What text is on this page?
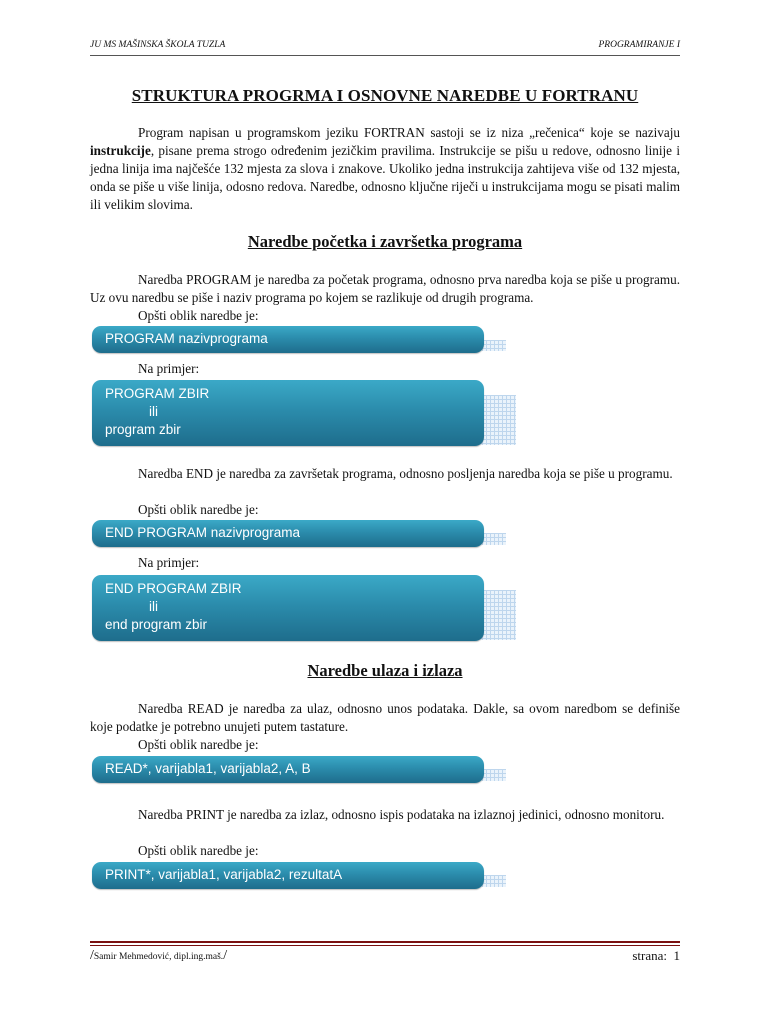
JU MS MAŠINSKA ŠKOLA TUZLA	PROGRAMIRANJE I
STRUKTURA PROGRMA I OSNOVNE NAREDBE U FORTRANU
Program napisan u programskom jeziku FORTRAN sastoji se iz niza „rečenica“ koje se nazivaju instrukcije, pisane prema strogo određenim jezičkim pravilima. Instrukcije se pišu u redove, odnosno linije i jedna linija ima najčešće 132 mjesta za slova i znakove. Ukoliko jedna instrukcija zahtijeva više od 132 mjesta, onda se piše u više linija, odosno redova. Naredbe, odnosno ključne riječi u instrukcijama mogu se pisati malim ili velikim slovima.
Naredbe početka i završetka programa
Naredba PROGRAM je naredba za početak programa, odnosno prva naredba koja se piše u programu. Uz ovu naredbu se piše i naziv programa po kojem se razlikuje od drugih programa.
Opšti oblik naredbe je:
PROGRAM nazivprograma
Na primjer:
PROGRAM ZBIR
ili
program zbir
Naredba END je naredba za završetak programa, odnosno posljenja naredba koja se piše u programu.
Opšti oblik naredbe je:
END PROGRAM nazivprograma
Na primjer:
END PROGRAM ZBIR
ili
end program zbir
Naredbe ulaza i izlaza
Naredba READ je naredba za ulaz, odnosno unos podataka. Dakle, sa ovom naredbom se definiše koje podatke je potrebno unujeti putem tastature.
Opšti oblik naredbe je:
READ*, varijabla1, varijabla2, A, B
Naredba PRINT je naredba za izlaz, odnosno ispis podataka na izlaznoj jedinici, odnosno monitoru.
Opšti oblik naredbe je:
PRINT*, varijabla1, varijabla2, rezultatA
/Samir Mehmedović, dipl.ing.maš./	strana:  1
